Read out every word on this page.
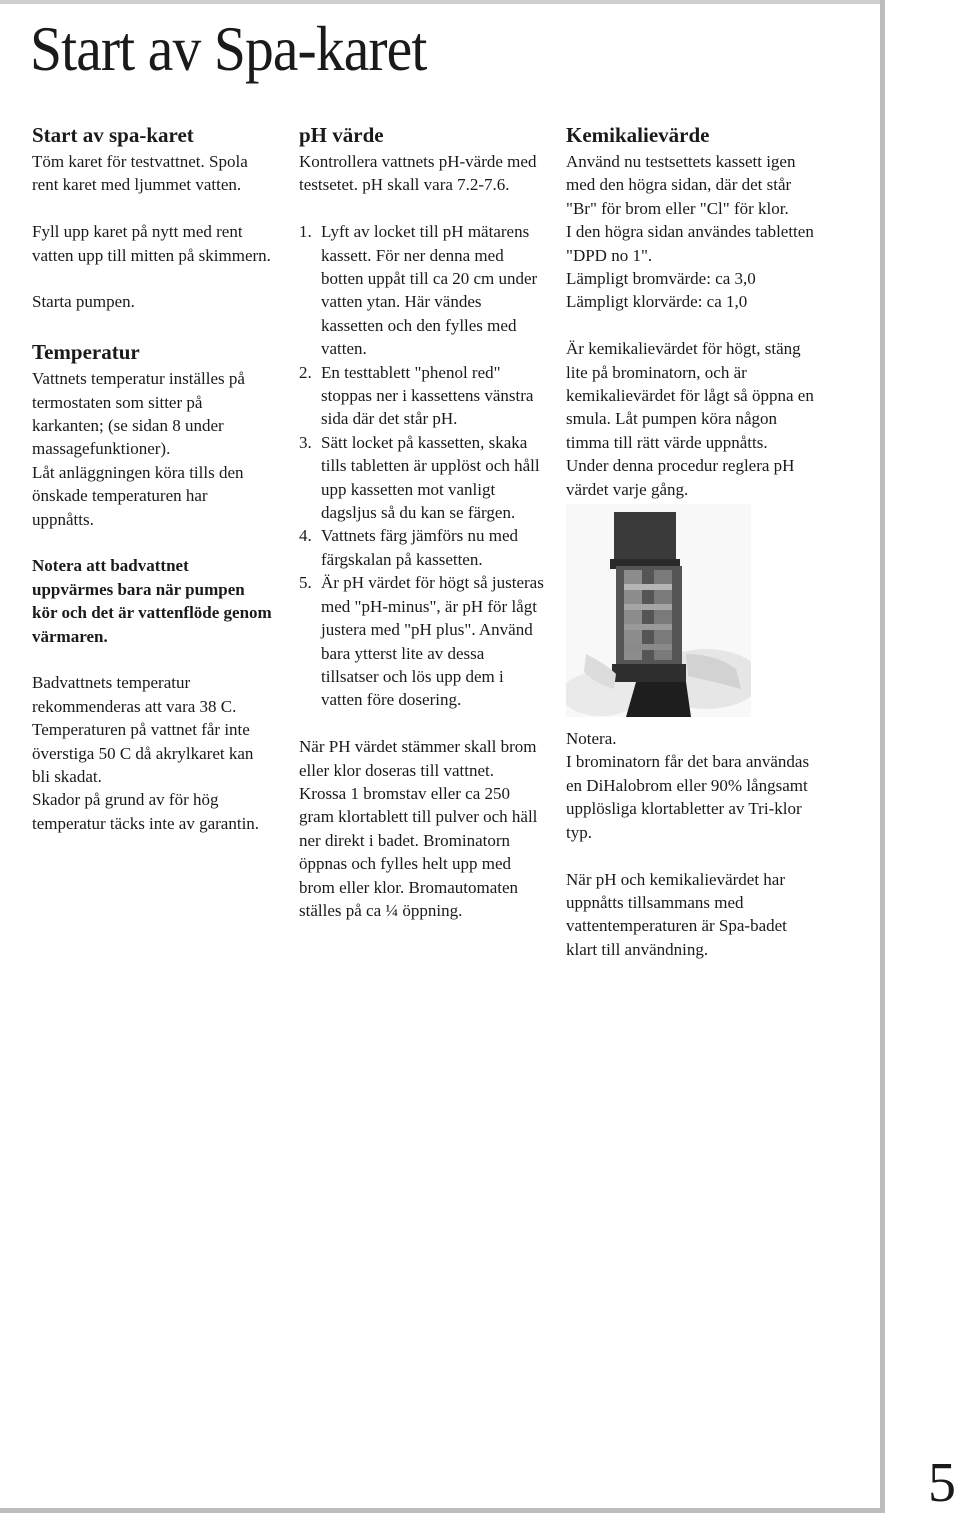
Start av Spa-karet
Start av spa-karet

Töm karet för testvattnet. Spola rent karet med ljummet vatten.

Fyll upp karet på nytt med rent vatten upp till mitten på skimmern.

Starta pumpen.

Temperatur

Vattnets temperatur inställes på termostaten som sitter på karkanten; (se sidan 8 under massagefunktioner).

Låt anläggningen köra tills den önskade temperaturen har uppnåtts.

Notera att badvattnet uppvärmes bara när pumpen kör och det är vattenflöde genom värmaren.

Badvattnets temperatur rekommenderas att vara 38 C.

Temperaturen på vattnet får inte överstiga 50 C då akrylkaret kan bli skadat.

Skador på grund av för hög temperatur täcks inte av garantin.

pH värde

Kontrollera vattnets pH-värde med testsetet. pH skall vara 7.2-7.6.

1. Lyft av locket till pH mätarens kassett. För ner denna med botten uppåt till ca 20 cm under vatten ytan. Här vändes kassetten och den fylles med vatten.
2. En testtablett "phenol red" stoppas ner i kassettens vänstra sida där det står pH.
3. Sätt locket på kassetten, skaka tills tabletten är upplöst och håll upp kassetten mot vanligt dagsljus så du kan se färgen.
4. Vattnets färg jämförs nu med färgskalan på kassetten.
5. Är pH värdet för högt så justeras med "pH-minus", är pH för lågt justera med "pH plus". Använd bara ytterst lite av dessa tillsatser och lös upp dem i vatten före dosering.

När PH värdet stämmer skall brom eller klor doseras till vattnet. Krossa 1 bromstav eller ca 250 gram klortablett till pulver och häll ner direkt i badet. Brominatorn öppnas och fylles helt upp med brom eller klor. Bromautomaten ställes på ca ¼ öppning.

Kemikalievärde

Använd nu testsettets kassett igen med den högra sidan, där det står "Br" för brom eller "Cl" för klor.

I den högra sidan användes tabletten "DPD no 1".

Lämpligt bromvärde: ca 3,0

Lämpligt klorvärde: ca 1,0

Är kemikalievärdet för högt, stäng lite på brominatorn, och är kemikalievärdet för lågt så öppna en smula. Låt pumpen köra någon timma till rätt värde uppnåtts.

Under denna procedur reglera pH värdet varje gång.

Notera.

I brominatorn får det bara användas en DiHalobrom eller 90% långsamt upplösliga klortabletter av Tri-klor typ.

När pH och kemikalievärdet har uppnåtts tillsammans med vattentemperaturen är Spa-badet klart till användning.

5
